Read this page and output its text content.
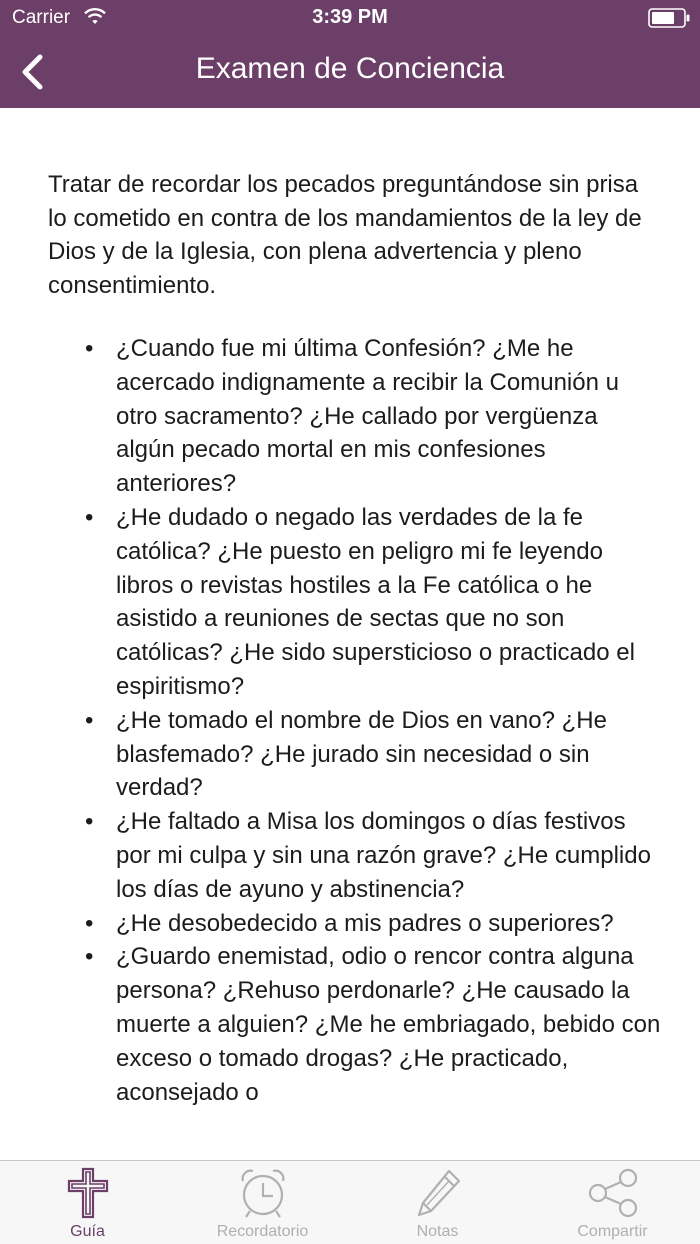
Carrier	3:39 PM
Examen de Conciencia

Tratar de recordar los pecados preguntándose sin prisa lo cometido en contra de los mandamientos de la ley de Dios y de la Iglesia, con plena advertencia y pleno consentimiento.

• ¿Cuando fue mi última Confesión? ¿Me he acercado indignamente a recibir la Comunión u otro sacramento? ¿He callado por vergüenza algún pecado mortal en mis confesiones anteriores?
• ¿He dudado o negado las verdades de la fe católica? ¿He puesto en peligro mi fe leyendo libros o revistas hostiles a la Fe católica o he asistido a reuniones de sectas que no son católicas? ¿He sido supersticioso o practicado el espiritismo?
• ¿He tomado el nombre de Dios en vano? ¿He blasfemado? ¿He jurado sin necesidad o sin verdad?
• ¿He faltado a Misa los domingos o días festivos por mi culpa y sin una razón grave? ¿He cumplido los días de ayuno y abstinencia?
• ¿He desobedecido a mis padres o superiores?
• ¿Guardo enemistad, odio o rencor contra alguna persona? ¿Rehuso perdonarle? ¿He causado la muerte a alguien? ¿Me he embriagado, bebido con exceso o tomado drogas? ¿He practicado, aconsejado o
Guía	Recordatorio	Notas	Compartir
